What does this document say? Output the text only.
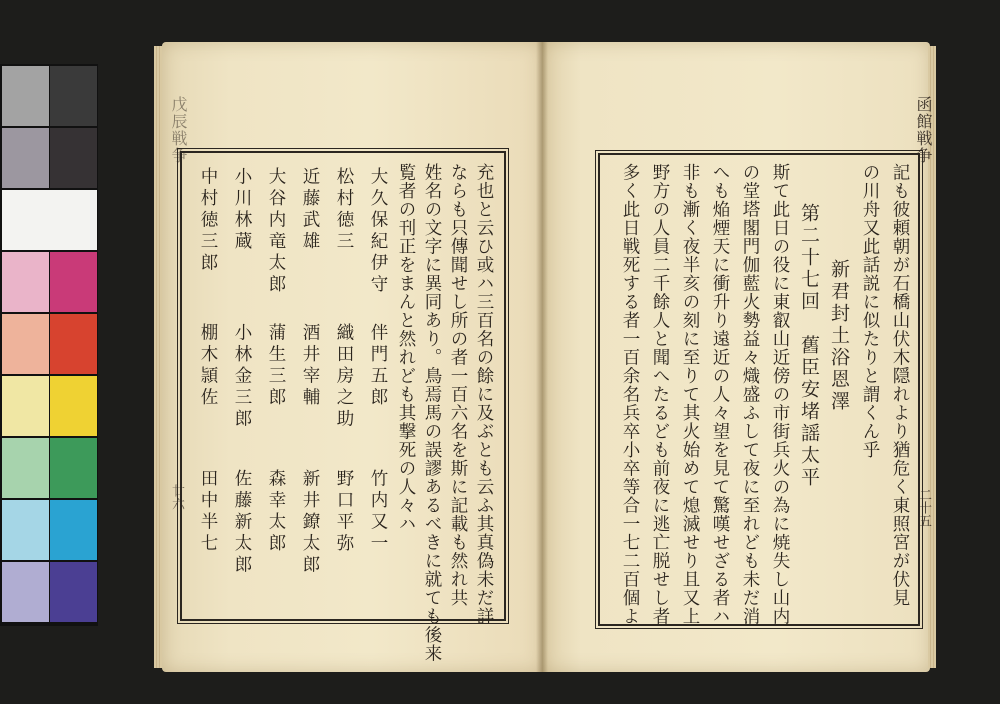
戊辰戦争
廿六
函館戦争
二十五
充也と云ひ或ハ三百名の餘に及ぶとも云ふ其真偽未だ詳
ならも只傳聞せし所の者一百六名を斯に記載も然れ共
姓名の文字に異同あり。鳥焉馬の誤謬あるべきに就ても後来
覧者の刊正をまんと然れども其撃死の人々ハ
大久保紀伊守
伴門五郎
竹内又一
松村徳三
織田房之助
野口平弥
近藤武雄
酒井宰輔
新井鐐太郎
大谷内竜太郎
蒲生三郎
森幸太郎
小川林蔵
小林金三郎
佐藤新太郎
中村徳三郎
棚木頴佐
田中半七	記も彼頼朝が石橋山伏木隠れより猶危く東照宮が伏見
の川舟又此話説に似たりと謂くん乎
新君封土浴恩澤
第二十七回　舊臣安堵謡太平
斯て此日の役に東叡山近傍の市街兵火の為に焼失し山内
の堂塔閣門伽藍火勢益々熾盛ふして夜に至れども未だ消
へも焔煙天に衝升り遠近の人々望を見て驚嘆せざる者ハ
非も漸く夜半亥の刻に至りて其火始めて熄滅せり且又上
野方の人員二千餘人と聞へたるども前夜に逃亡脱せし者
多く此日戦死する者一百余名兵卒小卒等合一七二百個よ
